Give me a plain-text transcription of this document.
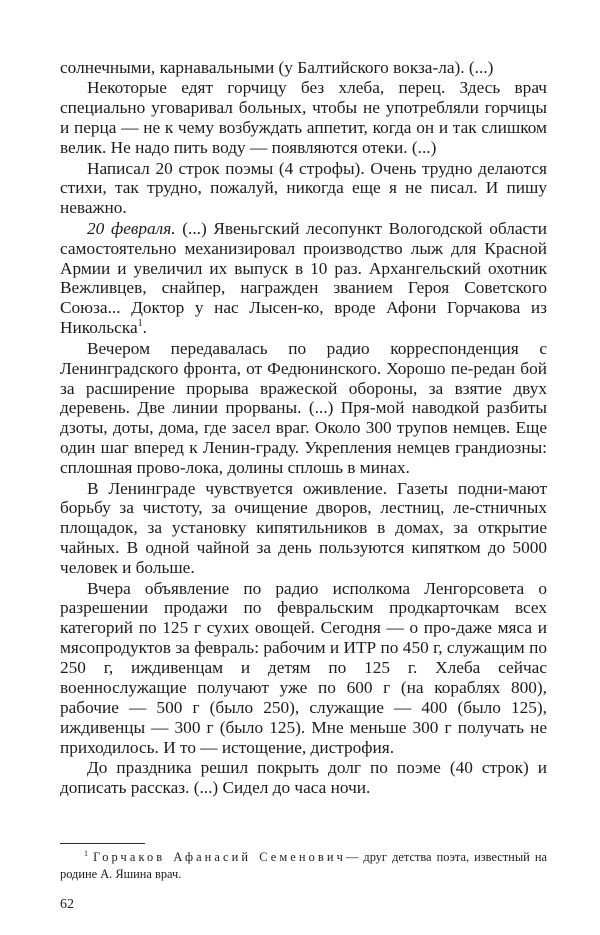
солнечными, карнавальными (у Балтийского вокза-ла). (...)

Некоторые едят горчицу без хлеба, перец. Здесь врач специально уговаривал больных, чтобы не употребляли горчицы и перца — не к чему возбуждать аппетит, когда он и так слишком велик. Не надо пить воду — появляются отеки. (...)

Написал 20 строк поэмы (4 строфы). Очень трудно делаются стихи, так трудно, пожалуй, никогда еще я не писал. И пишу неважно.

20 февраля. (...) Явеньгский лесопункт Вологодской области самостоятельно механизировал производство лыж для Красной Армии и увеличил их выпуск в 10 раз. Архангельский охотник Вежливцев, снайпер, награжден званием Героя Советского Союза... Доктор у нас Лысен-ко, вроде Афони Горчакова из Никольска$^1$.

Вечером передавалась по радио корреспонденция с Ленинградского фронта, от Федюнинского. Хорошо пе-редан бой за расширение прорыва вражеской обороны, за взятие двух деревень. Две линии прорваны. (...) Пря-мой наводкой разбиты дзоты, доты, дома, где засел враг. Около 300 трупов немцев. Еще один шаг вперед к Ленин-граду. Укрепления немцев грандиозны: сплошная прово-лока, долины сплошь в минах.

В Ленинграде чувствуется оживление. Газеты подни-мают борьбу за чистоту, за очищение дворов, лестниц, ле-стничных площадок, за установку кипятильников в домах, за открытие чайных. В одной чайной за день пользуются кипятком до 5000 человек и больше.

Вчера объявление по радио исполкома Ленгорсовета о разрешении продажи по февральским продкарточкам всех категорий по 125 г сухих овощей. Сегодня — о про-даже мяса и мясопродуктов за февраль: рабочим и ИТР по 450 г, служащим по 250 г, иждивенцам и детям по 125 г. Хлеба сейчас военнослужащие получают уже по 600 г (на кораблях 800), рабочие — 500 г (было 250), служащие — 400 (было 125), иждивенцы — 300 г (было 125). Мне меньше 300 г получать не приходилось. И то — истощение, дистрофия.

До праздника решил покрыть долг по поэме (40 строк) и дописать рассказ. (...) Сидел до часа ночи.

$^1$ Горчаков Афанасий Семенович— друг детства поэта, известный на родине А. Яшина врач.

62
